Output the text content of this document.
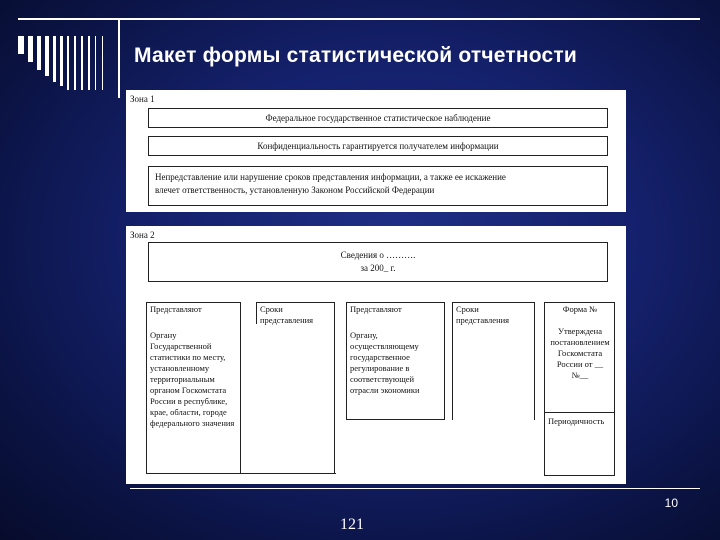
Макет формы статистической отчетности
Зона 1
Федеральное государственное статистическое наблюдение
Конфиденциальность гарантируется получателем информации
Непредставление или нарушение сроков представления информации, а также ее искажение
влечет ответственность, установленную Законом Российской Федерации
Зона 2
Сведения о ……….
за 200_ г.
Представляют
Органу Государственной статистики по месту, установленному территориальным органом Госкомстата России в республике, крае, области, городе федерального значения
Сроки представления
Представляют
Органу, осуществляющему государственное регулирование в соответствующей отрасли экономики
Сроки представления
Форма №
Утверждена постановлением Госкомстата России от __ №__
Периодичность
10
121
